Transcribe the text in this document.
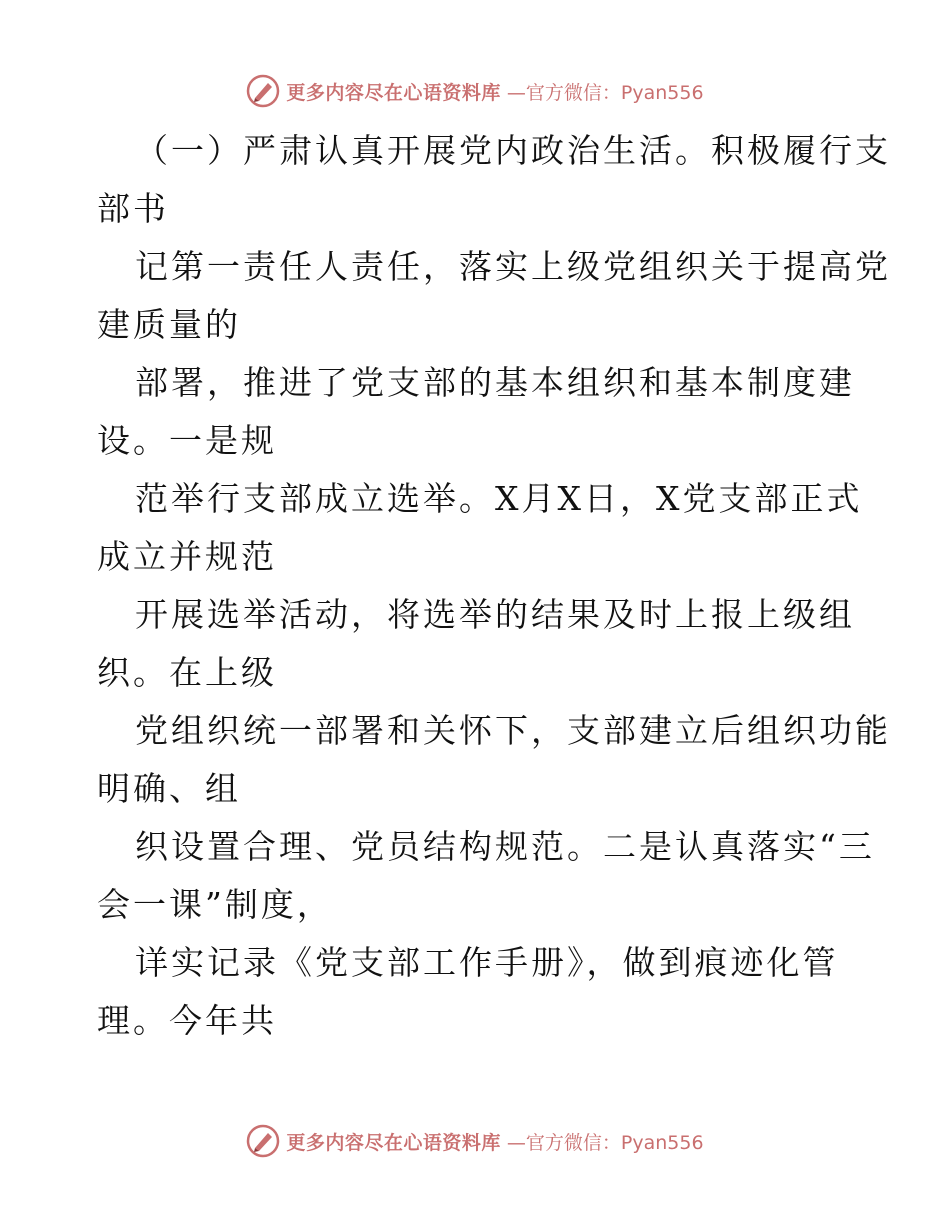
更多内容尽在心语资料库 —官方微信：Pyan556
（一）严肃认真开展党内政治生活。积极履行支
部书
记第一责任人责任，落实上级党组织关于提高党
建质量的
部署，推进了党支部的基本组织和基本制度建
设。一是规
范举行支部成立选举。X月X日，X党支部正式
成立并规范
开展选举活动，将选举的结果及时上报上级组
织。在上级
党组织统一部署和关怀下，支部建立后组织功能
明确、组
织设置合理、党员结构规范。二是认真落实“三
会一课”制度，
详实记录《党支部工作手册》，做到痕迹化管
理。今年共
更多内容尽在心语资料库 —官方微信：Pyan556
